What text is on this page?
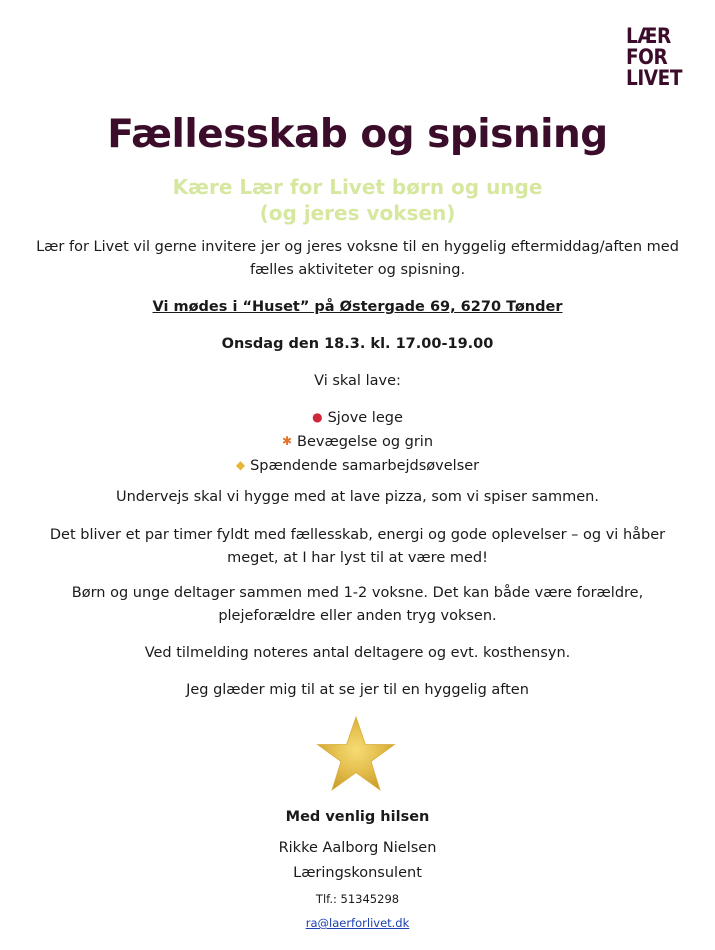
LÆR
FOR
LIVET
Fællesskab og spisning
Kære Lær for Livet børn og unge
(og jeres voksen)
Lær for Livet vil gerne invitere jer og jeres voksne til en hyggelig eftermiddag/aften med
fælles aktiviteter og spisning.
Vi mødes i “Huset” på Østergade 69, 6270 Tønder
Onsdag den 18.3. kl. 17.00-19.00
Vi skal lave:
● Sjove lege
✱ Bevægelse og grin
◆ Spændende samarbejdsøvelser
Undervejs skal vi hygge med at lave pizza, som vi spiser sammen.
Det bliver et par timer fyldt med fællesskab, energi og gode oplevelser – og vi håber
meget, at I har lyst til at være med!
Børn og unge deltager sammen med 1-2 voksne. Det kan både være forældre,
plejeforældre eller anden tryg voksen.
Ved tilmelding noteres antal deltagere og evt. kosthensyn.
Jeg glæder mig til at se jer til en hyggelig aften
Med venlig hilsen
Rikke Aalborg Nielsen
Læringskonsulent
Tlf.: 51345298
ra@laerforlivet.dk
